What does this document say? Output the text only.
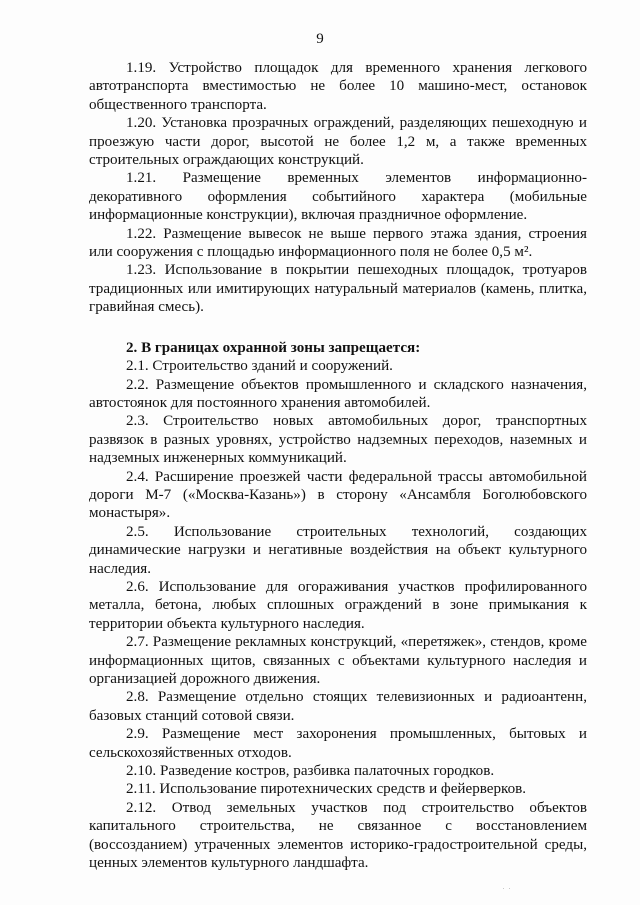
9

1.19. Устройство площадок для временного хранения легкового автотранспорта вместимостью не более 10 машино-мест, остановок общественного транспорта.

1.20. Установка прозрачных ограждений, разделяющих пешеходную и проезжую части дорог, высотой не более 1,2 м, а также временных строительных ограждающих конструкций.

1.21. Размещение временных элементов информационно-декоративного оформления событийного характера (мобильные информационные конструкции), включая праздничное оформление.

1.22. Размещение вывесок не выше первого этажа здания, строения или сооружения с площадью информационного поля не более 0,5 м².

1.23. Использование в покрытии пешеходных площадок, тротуаров традиционных или имитирующих натуральный материалов (камень, плитка, гравийная смесь).

2. В границах охранной зоны запрещается:

2.1. Строительство зданий и сооружений.

2.2. Размещение объектов промышленного и складского назначения, автостоянок для постоянного хранения автомобилей.

2.3. Строительство новых автомобильных дорог, транспортных развязок в разных уровнях, устройство надземных переходов, наземных и надземных инженерных коммуникаций.

2.4. Расширение проезжей части федеральной трассы автомобильной дороги М-7 («Москва-Казань») в сторону «Ансамбля Боголюбовского монастыря».

2.5. Использование строительных технологий, создающих динамические нагрузки и негативные воздействия на объект культурного наследия.

2.6. Использование для огораживания участков профилированного металла, бетона, любых сплошных ограждений в зоне примыкания к территории объекта культурного наследия.

2.7. Размещение рекламных конструкций, «перетяжек», стендов, кроме информационных щитов, связанных с объектами культурного наследия и организацией дорожного движения.

2.8. Размещение отдельно стоящих телевизионных и радиоантенн, базовых станций сотовой связи.

2.9. Размещение мест захоронения промышленных, бытовых и сельскохозяйственных отходов.

2.10. Разведение костров, разбивка палаточных городков.

2.11. Использование пиротехнических средств и фейерверков.

2.12. Отвод земельных участков под строительство объектов капитального строительства, не связанное с восстановлением (воссозданием) утраченных элементов историко-градостроительной среды, ценных элементов культурного ландшафта.
